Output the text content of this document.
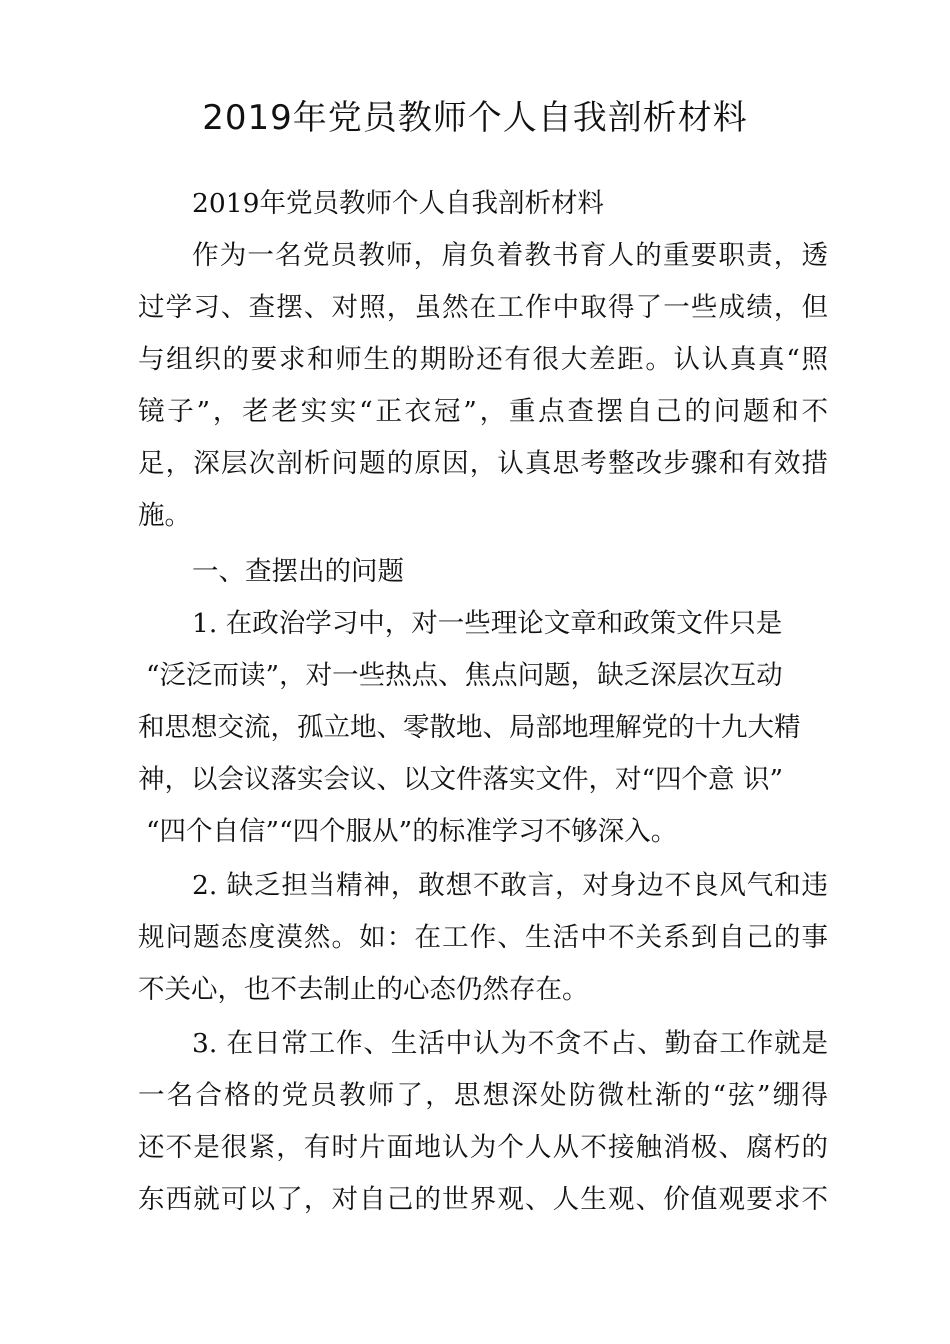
2019年党员教师个人自我剖析材料

2019年党员教师个人自我剖析材料

作为一名党员教师，肩负着教书育人的重要职责，透

过学习、查摆、对照，虽然在工作中取得了一些成绩，但

与组织的要求和师生的期盼还有很大差距。认认真真“照

镜子”，老老实实“正衣冠”，重点查摆自己的问题和不

足，深层次剖析问题的原因，认真思考整改步骤和有效措

施。

一、查摆出的问题

1. 在政治学习中，对一些理论文章和政策文件只是

“泛泛而读”，对一些热点、焦点问题，缺乏深层次互动

和思想交流，孤立地、零散地、局部地理解党的十九大精

神，以会议落实会议、以文件落实文件，对“四个意 识”

“四个自信”“四个服从”的标准学习不够深入。

2. 缺乏担当精神，敢想不敢言，对身边不良风气和违

规问题态度漠然。如：在工作、生活中不关系到自己的事

不关心，也不去制止的心态仍然存在。

3. 在日常工作、生活中认为不贪不占、勤奋工作就是

一名合格的党员教师了，思想深处防微杜渐的“弦”绷得

还不是很紧，有时片面地认为个人从不接触消极、腐朽的

东西就可以了，对自己的世界观、人生观、价值观要求不
